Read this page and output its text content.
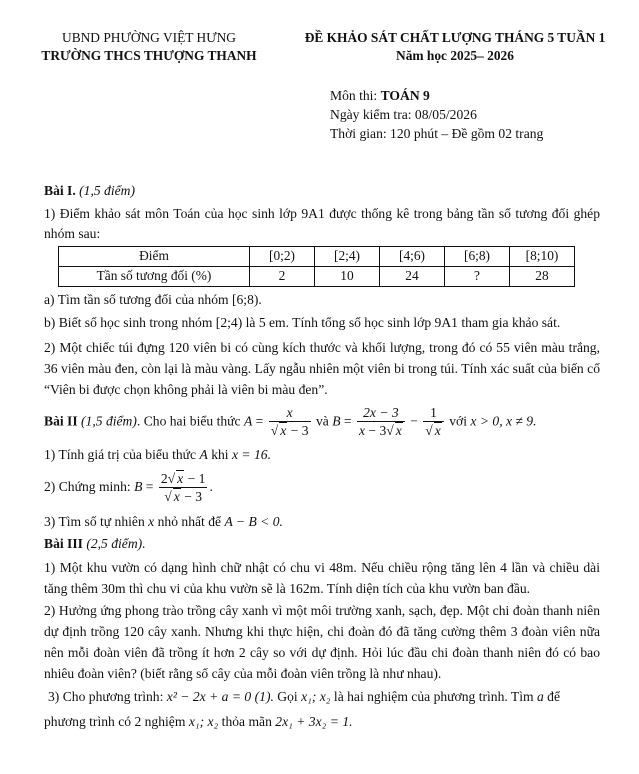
UBND PHƯỜNG VIỆT HƯNG
TRƯỜNG THCS THƯỢNG THANH
ĐỀ KHẢO SÁT CHẤT LƯỢNG THÁNG 5 TUẦN 1
Năm học 2025– 2026
Môn thi: TOÁN 9
Ngày kiểm tra: 08/05/2026
Thời gian: 120 phút – Đề gồm 02 trang
Bài I. (1,5 điểm)
1) Điểm khảo sát môn Toán của học sinh lớp 9A1 được thống kê trong bảng tần số tương đối ghép nhóm sau:
Điểm	[0;2)	[2;4)	[4;6)	[6;8)	[8;10)
Tần số tương đối (%)	2	10	24	?	28
a) Tìm tần số tương đối của nhóm [6;8).
b) Biết số học sinh trong nhóm [2;4) là 5 em. Tính tổng số học sinh lớp 9A1 tham gia khảo sát.
2) Một chiếc túi đựng 120 viên bi có cùng kích thước và khối lượng, trong đó có 55 viên màu trắng, 36 viên màu đen, còn lại là màu vàng. Lấy ngẫu nhiên một viên bi trong túi. Tính xác suất của biến cố “Viên bi được chọn không phải là viên bi màu đen”.
Bài II (1,5 điểm). Cho hai biểu thức $A = \frac{x}{√ x - 3}$ và $B = \frac{2x - 3}{x - 3√ x} - \frac{1}{√ x}$ với x > 0, x ≠ 9.
1) Tính giá trị của biểu thức A khi x = 16.
2) Chứng minh: $B = \frac{2√ x - 1}{√ x - 3}$ .
3) Tìm số tự nhiên x nhỏ nhất để A − B < 0.
Bài III (2,5 điểm).
1) Một khu vườn có dạng hình chữ nhật có chu vi 48m. Nếu chiều rộng tăng lên 4 lần và chiều dài tăng thêm 30m thì chu vi của khu vườn sẽ là 162m. Tính diện tích của khu vườn ban đầu.
2) Hưởng ứng phong trào trồng cây xanh vì một môi trường xanh, sạch, đẹp. Một chi đoàn thanh niên dự định trồng 120 cây xanh. Nhưng khi thực hiện, chi đoàn đó đã tăng cường thêm 3 đoàn viên nữa nên mỗi đoàn viên đã trồng ít hơn 2 cây so với dự định. Hỏi lúc đầu chi đoàn thanh niên đó có bao nhiêu đoàn viên? (biết rằng số cây của mỗi đoàn viên trồng là như nhau).
3) Cho phương trình: x² − 2x + a = 0 (1). Gọi x₁; x₂ là hai nghiệm của phương trình. Tìm a để
phương trình có 2 nghiệm x₁; x₂ thỏa mãn 2x₁ + 3x₂ = 1.
